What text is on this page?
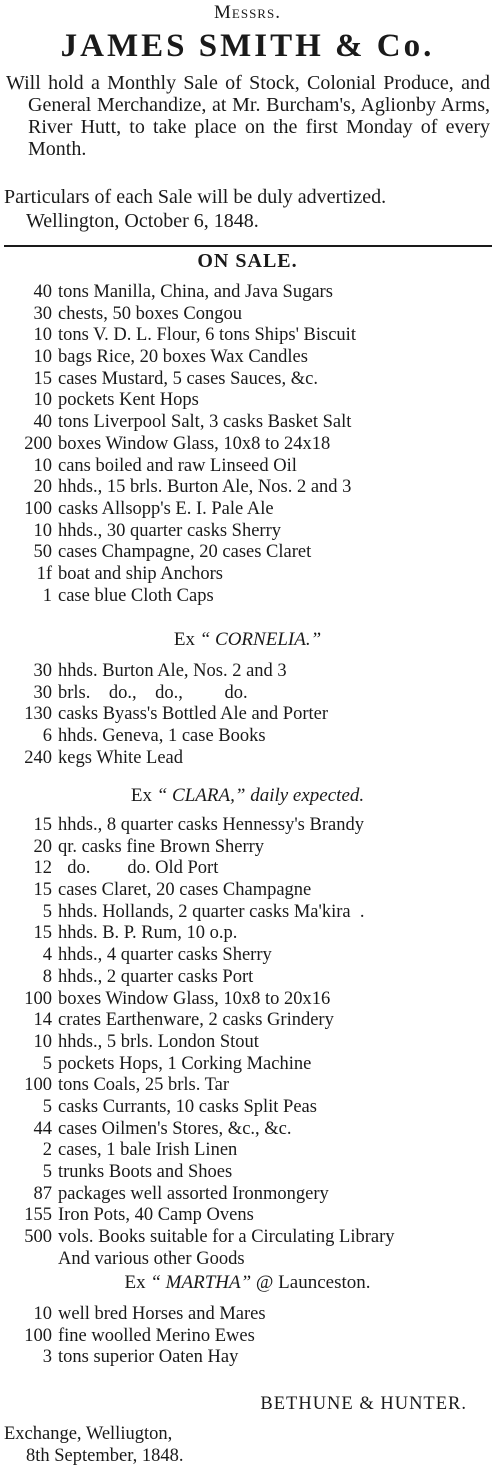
Messrs.
JAMES SMITH & Co.
Will hold a Monthly Sale of Stock, Colonial Produce, and General Merchandize, at Mr. Burcham's, Aglionby Arms, River Hutt, to take place on the first Monday of every Month.
Particulars of each Sale will be duly advertized.
Wellington, October 6, 1848.
ON SALE.
40 tons Manilla, China, and Java Sugars
30 chests, 50 boxes Congou
10 tons V. D. L. Flour, 6 tons Ships' Biscuit
10 bags Rice, 20 boxes Wax Candles
15 cases Mustard, 5 cases Sauces, &c.
10 pockets Kent Hops
40 tons Liverpool Salt, 3 casks Basket Salt
200 boxes Window Glass, 10x8 to 24x18
10 cans boiled and raw Linseed Oil
20 hhds., 15 brls. Burton Ale, Nos. 2 and 3
100 casks Allsopp's E. I. Pale Ale
10 hhds., 30 quarter casks Sherry
50 cases Champagne, 20 cases Claret
1f boat and ship Anchors
1 case blue Cloth Caps
Ex “ CORNELIA.”
30 hhds. Burton Ale, Nos. 2 and 3
30 brls.    do.,    do.,         do.
130 casks Byass's Bottled Ale and Porter
6 hhds. Geneva, 1 case Books
240 kegs White Lead
Ex “ CLARA,” daily expected.
15 hhds., 8 quarter casks Hennessy's Brandy
20 qr. casks fine Brown Sherry
12  do.        do. Old Port
15 cases Claret, 20 cases Champagne
5 hhds. Hollands, 2 quarter casks Ma'kira  .
15 hhds. B. P. Rum, 10 o.p.
4 hhds., 4 quarter casks Sherry
8 hhds., 2 quarter casks Port
100 boxes Window Glass, 10x8 to 20x16
14 crates Earthenware, 2 casks Grindery
10 hhds., 5 brls. London Stout
5 pockets Hops, 1 Corking Machine
100 tons Coals, 25 brls. Tar
5 casks Currants, 10 casks Split Peas
44 cases Oilmen's Stores, &c., &c.
2 cases, 1 bale Irish Linen
5 trunks Boots and Shoes
87 packages well assorted Ironmongery
155 Iron Pots, 40 Camp Ovens
500 vols. Books suitable for a Circulating Library
And various other Goods
Ex “ MARTHA” @ Launceston.
10 well bred Horses and Mares
100 fine woolled Merino Ewes
3 tons superior Oaten Hay
BETHUNE & HUNTER.
Exchange, Welliugton,
8th September, 1848.
